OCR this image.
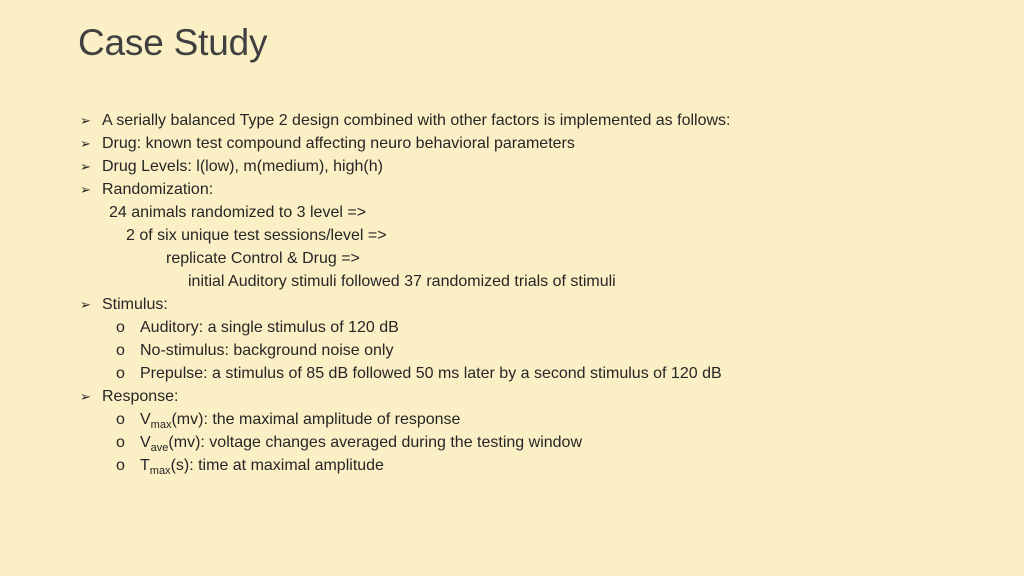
Case Study
➢ A serially balanced Type 2 design combined with other factors is implemented as follows:
➢ Drug: known test compound affecting neuro behavioral parameters
➢ Drug Levels: l(low), m(medium), high(h)
➢ Randomization:
24 animals randomized to 3 level =>
2 of six unique test sessions/level =>
replicate Control & Drug =>
initial Auditory stimuli followed 37 randomized trials of stimuli
➢ Stimulus:
o Auditory: a single stimulus of 120 dB
o No-stimulus: background noise only
o Prepulse: a stimulus of 85 dB followed 50 ms later by a second stimulus of 120 dB
➢ Response:
o $V_{max}(mv)$: the maximal amplitude of response
o $V_{ave}(mv)$: voltage changes averaged during the testing window
o $T_{max}(s)$: time at maximal amplitude
